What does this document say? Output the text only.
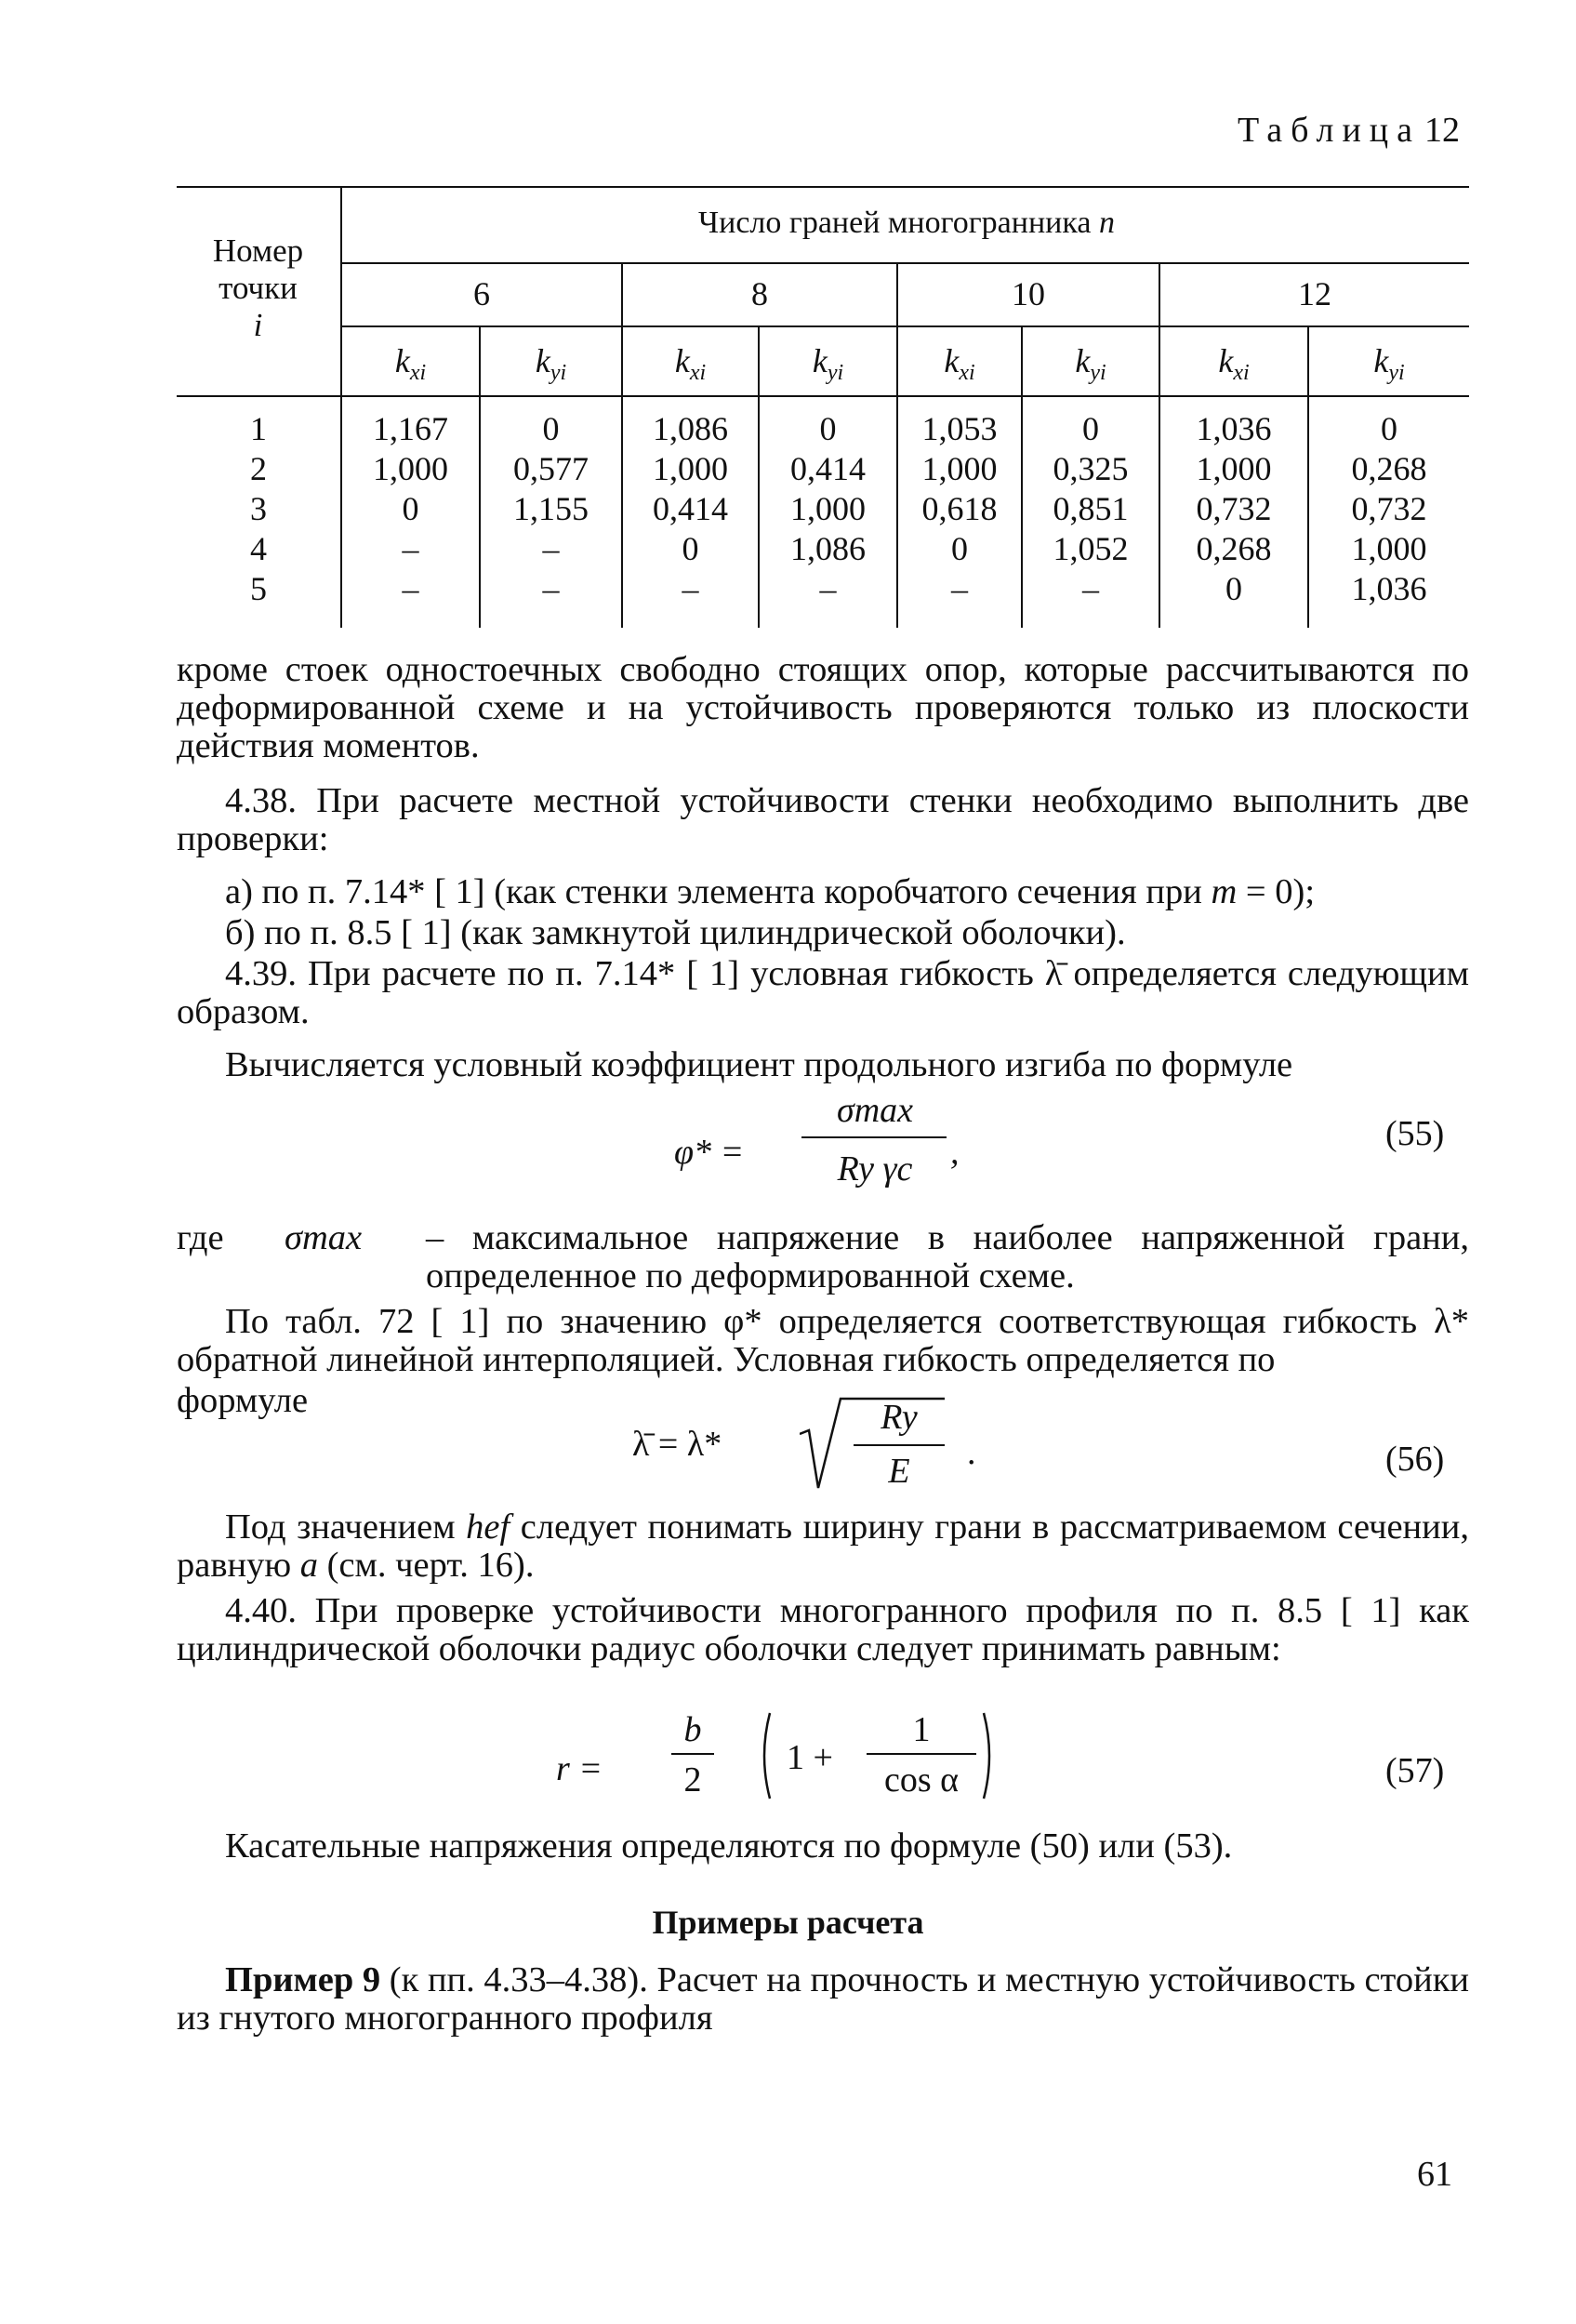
Таблица 12
Номер
точки
i
Число граней многогранника n
6	8	10	12
$k_{xi}$	$k_{yi}$	$k_{xi}$	$k_{yi}$	$k_{xi}$	$k_{yi}$	$k_{xi}$	$k_{yi}$
1	1,167	0	1,086	0	1,053	0	1,036	0
2	1,000	0,577	1,000	0,414	1,000	0,325	1,000	0,268
3	0	1,155	0,414	1,000	0,618	0,851	0,732	0,732
4	–	–	0	1,086	0	1,052	0,268	1,000
5	–	–	–	–	–	–	0	1,036
кроме стоек одностоечных свободно стоящих опор, которые рассчитываются по деформированной схеме и на устойчивость проверяются только из плоскости действия моментов.
4.38. При расчете местной устойчивости стенки необходимо выполнить две проверки:
а) по п. 7.14* [ 1] (как стенки элемента коробчатого сечения при m = 0);
б) по п. 8.5 [ 1] (как замкнутой цилиндрической оболочки).
4.39. При расчете по п. 7.14* [ 1] условная гибкость λ̄ определяется следующим образом.
Вычисляется условный коэффициент продольного изгиба по формуле
φ* =
σmax
Ry γc	,	(55)
где σmax – максимальное напряжение в наиболее напряженной грани, определенное по деформированной схеме.
По табл. 72 [ 1] по значению φ* определяется соответствующая гибкость λ* обратной линейной интерполяцией. Условная гибкость определяется по
формуле
λ̄ = λ*
Ry
E	.	(56)
Под значением hef следует понимать ширину грани в рассматриваемом сечении, равную a (см. черт. 16).
4.40. При проверке устойчивости многогранного профиля по п. 8.5 [ 1] как цилиндрической оболочки радиус оболочки следует принимать равным:
r =
b
2
1 +
1
cos α	(57)
Касательные напряжения определяются по формуле (50) или (53).
Примеры расчета
Пример 9 (к пп. 4.33–4.38). Расчет на прочность и местную устойчивость стойки из гнутого многогранного профиля
61
